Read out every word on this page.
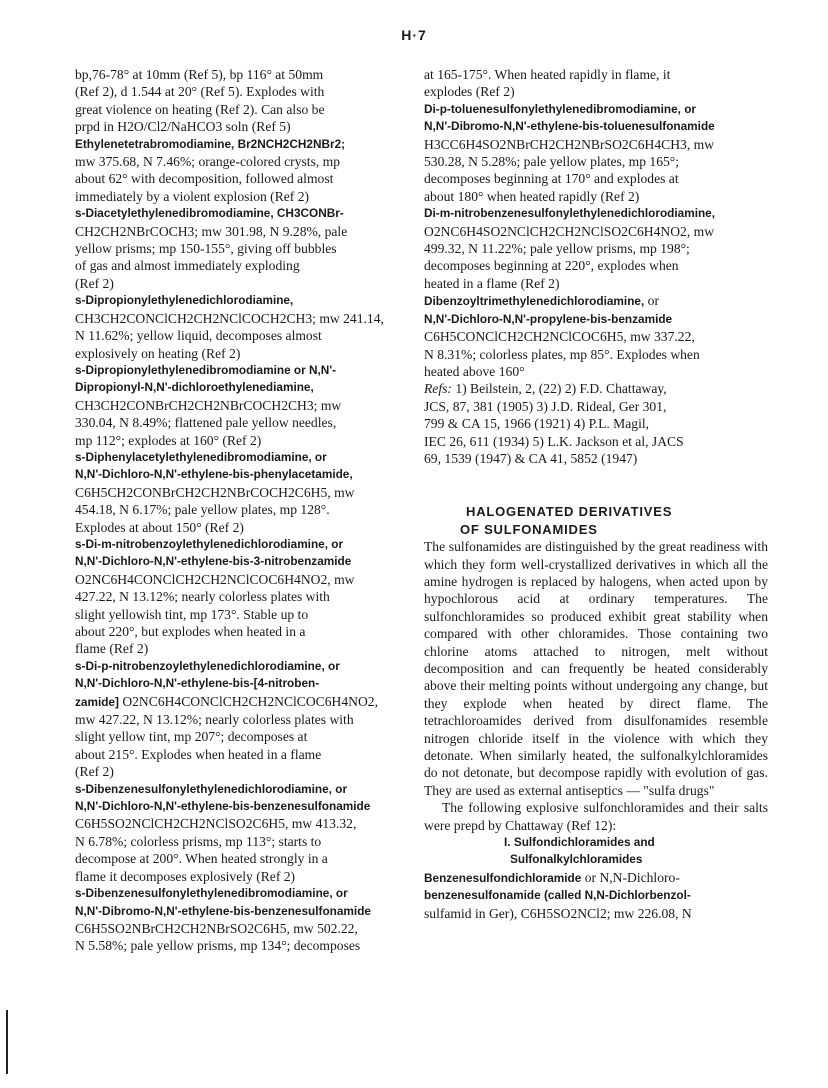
H·7
bp,76-78° at 10mm (Ref 5), bp 116° at 50mm
(Ref 2), d 1.544 at 20° (Ref 5). Explodes with
great violence on heating (Ref 2). Can also be
prpd in H2O/Cl2/NaHCO3 soln (Ref 5)
Ethylenetetrabromodiamine, Br2NCH2CH2NBr2;
mw 375.68, N 7.46%; orange-colored crysts, mp
about 62° with decomposition, followed almost
immediately by a violent explosion (Ref 2)
s-Diacetylethylenedibromodiamine, CH3CONBr-
CH2CH2NBrCOCH3; mw 301.98, N 9.28%, pale
yellow prisms; mp 150-155°, giving off bubbles
of gas and almost immediately exploding
(Ref 2)
s-Dipropionylethylenedichlorodiamine,
CH3CH2CONClCH2CH2NClCOCH2CH3; mw 241.14,
N 11.62%; yellow liquid, decomposes almost
explosively on heating (Ref 2)
s-Dipropionylethylenedibromodiamine or N,N'-
Dipropionyl-N,N'-dichloroethylenediamine,
CH3CH2CONBrCH2CH2NBrCOCH2CH3; mw
330.04, N 8.49%; flattened pale yellow needles,
mp 112°; explodes at 160° (Ref 2)
s-Diphenylacetylethylenedibromodiamine, or
N,N'-Dichloro-N,N'-ethylene-bis-phenylacetamide,
C6H5CH2CONBrCH2CH2NBrCOCH2C6H5, mw
454.18, N 6.17%; pale yellow plates, mp 128°.
Explodes at about 150° (Ref 2)
s-Di-m-nitrobenzoylethylenedichlorodiamine, or
N,N'-Dichloro-N,N'-ethylene-bis-3-nitrobenzamide
O2NC6H4CONClCH2CH2NClCOC6H4NO2, mw
427.22, N 13.12%; nearly colorless plates with
slight yellowish tint, mp 173°. Stable up to
about 220°, but explodes when heated in a
flame (Ref 2)
s-Di-p-nitrobenzoylethylenedichlorodiamine, or
N,N'-Dichloro-N,N'-ethylene-bis-[4-nitroben-
zamide] O2NC6H4CONClCH2CH2NClCOC6H4NO2,
mw 427.22, N 13.12%; nearly colorless plates with
slight yellow tint, mp 207°; decomposes at
about 215°. Explodes when heated in a flame
(Ref 2)
s-Dibenzenesulfonylethylenedichlorodiamine, or
N,N'-Dichloro-N,N'-ethylene-bis-benzenesulfonamide
C6H5SO2NClCH2CH2NClSO2C6H5, mw 413.32,
N 6.78%; colorless prisms, mp 113°; starts to
decompose at 200°. When heated strongly in a
flame it decomposes explosively (Ref 2)
s-Dibenzenesulfonylethylenedibromodiamine, or
N,N'-Dibromo-N,N'-ethylene-bis-benzenesulfonamide
C6H5SO2NBrCH2CH2NBrSO2C6H5, mw 502.22,
N 5.58%; pale yellow prisms, mp 134°; decomposes
at 165-175°. When heated rapidly in flame, it
explodes (Ref 2)
Di-p-toluenesulfonylethylenedibromodiamine, or
N,N'-Dibromo-N,N'-ethylene-bis-toluenesulfonamide
H3CC6H4SO2NBrCH2CH2NBrSO2C6H4CH3, mw
530.28, N 5.28%; pale yellow plates, mp 165°;
decomposes beginning at 170° and explodes at
about 180° when heated rapidly (Ref 2)
Di-m-nitrobenzenesulfonylethylenedichlorodiamine,
O2NC6H4SO2NClCH2CH2NClSO2C6H4NO2, mw
499.32, N 11.22%; pale yellow prisms, mp 198°;
decomposes beginning at 220°, explodes when
heated in a flame (Ref 2)
Dibenzoyltrimethylenedichlorodiamine, or
N,N'-Dichloro-N,N'-propylene-bis-benzamide
C6H5CONClCH2CH2NClCOC6H5, mw 337.22,
N 8.31%; colorless plates, mp 85°. Explodes when
heated above 160°
Refs: 1) Beilstein, 2, (22) 2) F.D. Chattaway,
JCS, 87, 381 (1905) 3) J.D. Rideal, Ger 301,
799 & CA 15, 1966 (1921) 4) P.L. Magil,
IEC 26, 611 (1934) 5) L.K. Jackson et al, JACS
69, 1539 (1947) & CA 41, 5852 (1947)
HALOGENATED DERIVATIVES
OF SULFONAMIDES

The sulfonamides are distinguished by the great readiness with which they form well-crystallized derivatives in which all the amine hydrogen is replaced by halogens, when acted upon by hypochlorous acid at ordinary temperatures. The sulfonchloramides so produced exhibit great stability when compared with other chloramides. Those containing two chlorine atoms attached to nitrogen, melt without decomposition and can frequently be heated considerably above their melting points without undergoing any change, but they explode when heated by direct flame. The tetrachloroamides derived from disulfonamides resemble nitrogen chloride itself in the violence with which they detonate. When similarly heated, the sulfonalkylchloramides do not detonate, but decompose rapidly with evolution of gas. They are used as external antiseptics — "sulfa drugs"

The following explosive sulfonchloramides and their salts were prepd by Chattaway (Ref 12):

I. Sulfondichloramides and
Sulfonalkylchloramides
Benzenesulfondichloramide or N,N-Dichloro-
benzenesulfonamide (called N,N-Dichlorbenzol-
sulfamid in Ger), C6H5SO2NCl2; mw 226.08, N
